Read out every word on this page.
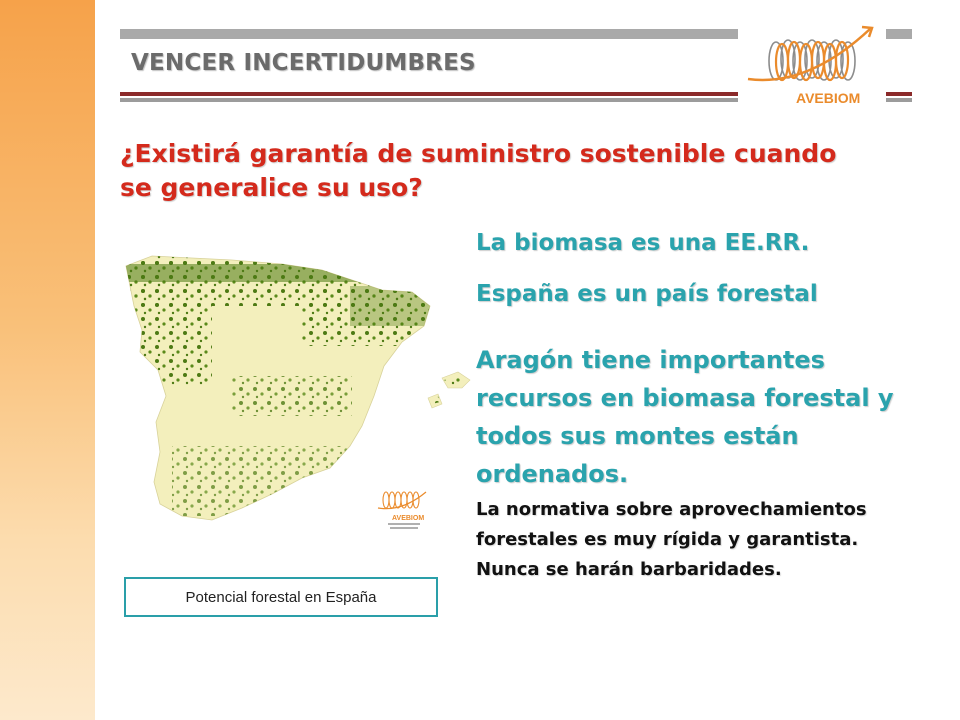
VENCER INCERTIDUMBRES
AVEBIOM
¿Existirá garantía de suministro sostenible cuando se generalice su uso?
La biomasa es una EE.RR.
España es un país forestal
Aragón tiene importantes recursos en biomasa forestal y todos sus montes están ordenados.
La normativa sobre aprovechamientos forestales es muy rígida y garantista. Nunca se harán barbaridades.
AVEBIOM
Potencial forestal en España
